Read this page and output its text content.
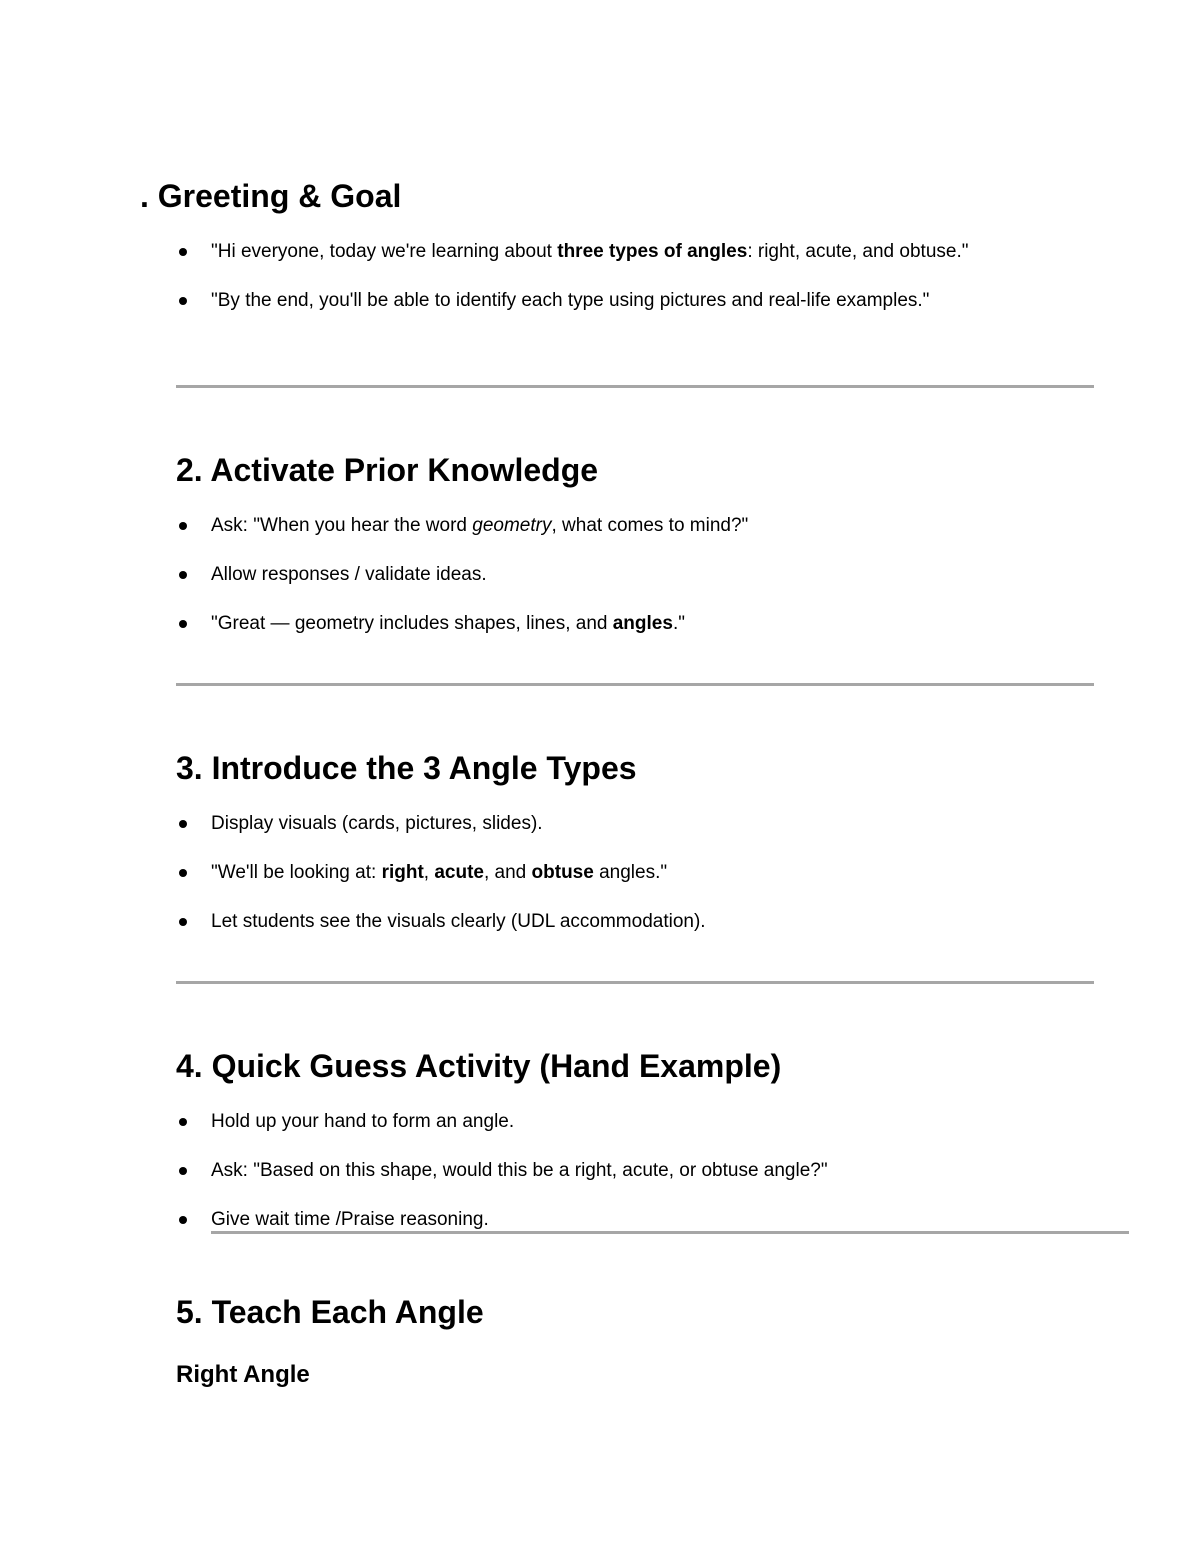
. Greeting & Goal
"Hi everyone, today we're learning about three types of angles: right, acute, and obtuse."
"By the end, you'll be able to identify each type using pictures and real-life examples."
2. Activate Prior Knowledge
Ask: "When you hear the word geometry, what comes to mind?"
Allow responses / validate ideas.
"Great — geometry includes shapes, lines, and angles."
3. Introduce the 3 Angle Types
Display visuals (cards, pictures, slides).
"We'll be looking at: right, acute, and obtuse angles."
Let students see the visuals clearly (UDL accommodation).
4. Quick Guess Activity (Hand Example)
Hold up your hand to form an angle.
Ask: "Based on this shape, would this be a right, acute, or obtuse angle?"
Give wait time /Praise reasoning.
5. Teach Each Angle
Right Angle
